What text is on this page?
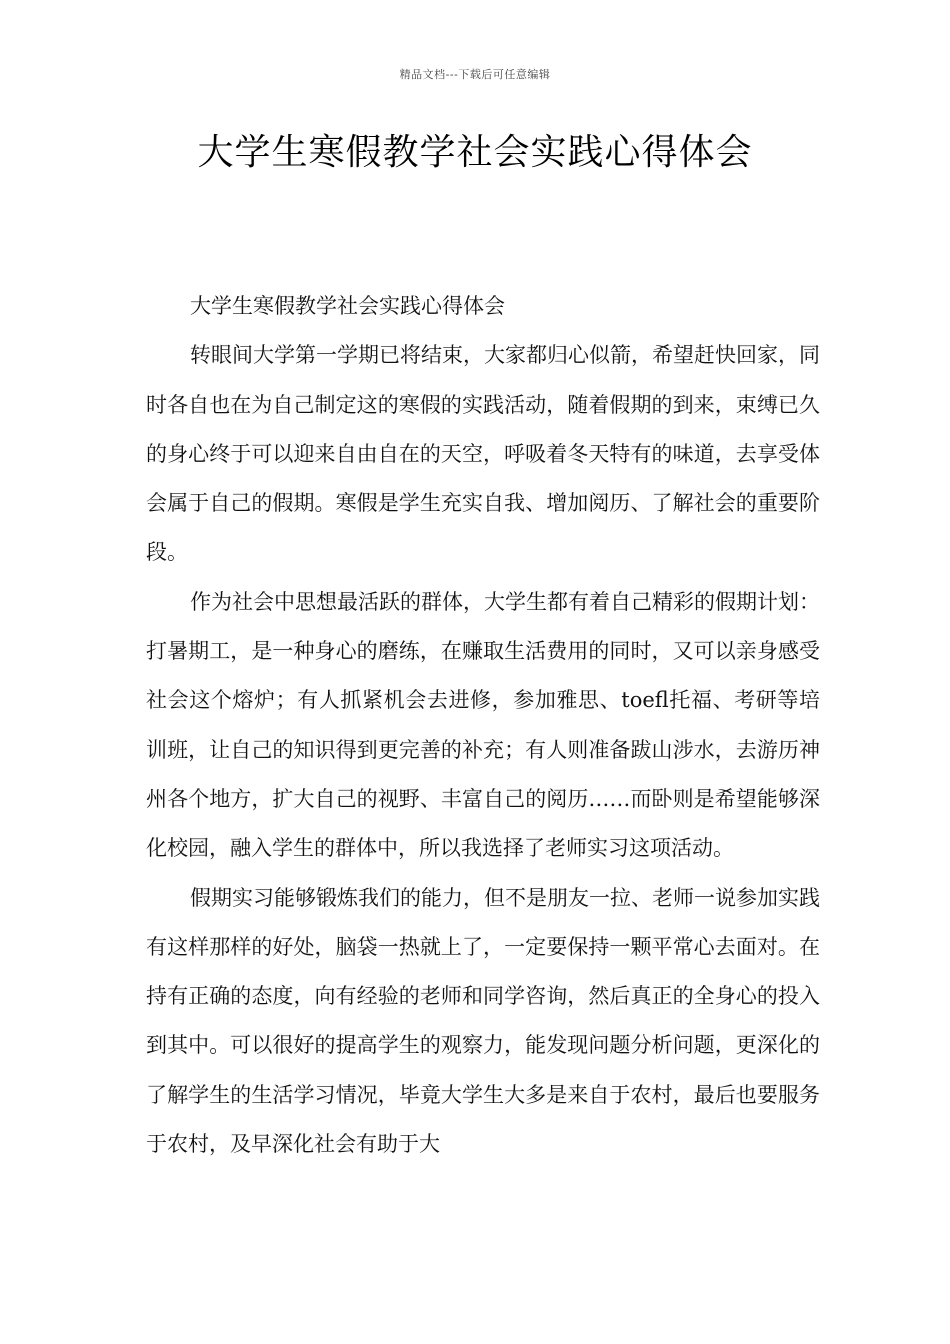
精品文档---下载后可任意编辑
大学生寒假教学社会实践心得体会

大学生寒假教学社会实践心得体会

转眼间大学第一学期已将结束，大家都归心似箭，希望赶快回家，同时各自也在为自己制定这的寒假的实践活动，随着假期的到来，束缚已久的身心终于可以迎来自由自在的天空，呼吸着冬天特有的味道，去享受体会属于自己的假期。寒假是学生充实自我、增加阅历、了解社会的重要阶段。

作为社会中思想最活跃的群体，大学生都有着自己精彩的假期计划：打暑期工，是一种身心的磨练，在赚取生活费用的同时，又可以亲身感受社会这个熔炉；有人抓紧机会去进修，参加雅思、toefl托福、考研等培训班，让自己的知识得到更完善的补充；有人则准备跋山涉水，去游历神州各个地方，扩大自己的视野、丰富自己的阅历……而卧则是希望能够深化校园，融入学生的群体中，所以我选择了老师实习这项活动。

假期实习能够锻炼我们的能力，但不是朋友一拉、老师一说参加实践有这样那样的好处，脑袋一热就上了，一定要保持一颗平常心去面对。在持有正确的态度，向有经验的老师和同学咨询，然后真正的全身心的投入到其中。可以很好的提高学生的观察力，能发现问题分析问题，更深化的了解学生的生活学习情况，毕竟大学生大多是来自于农村，最后也要服务于农村，及早深化社会有助于大
